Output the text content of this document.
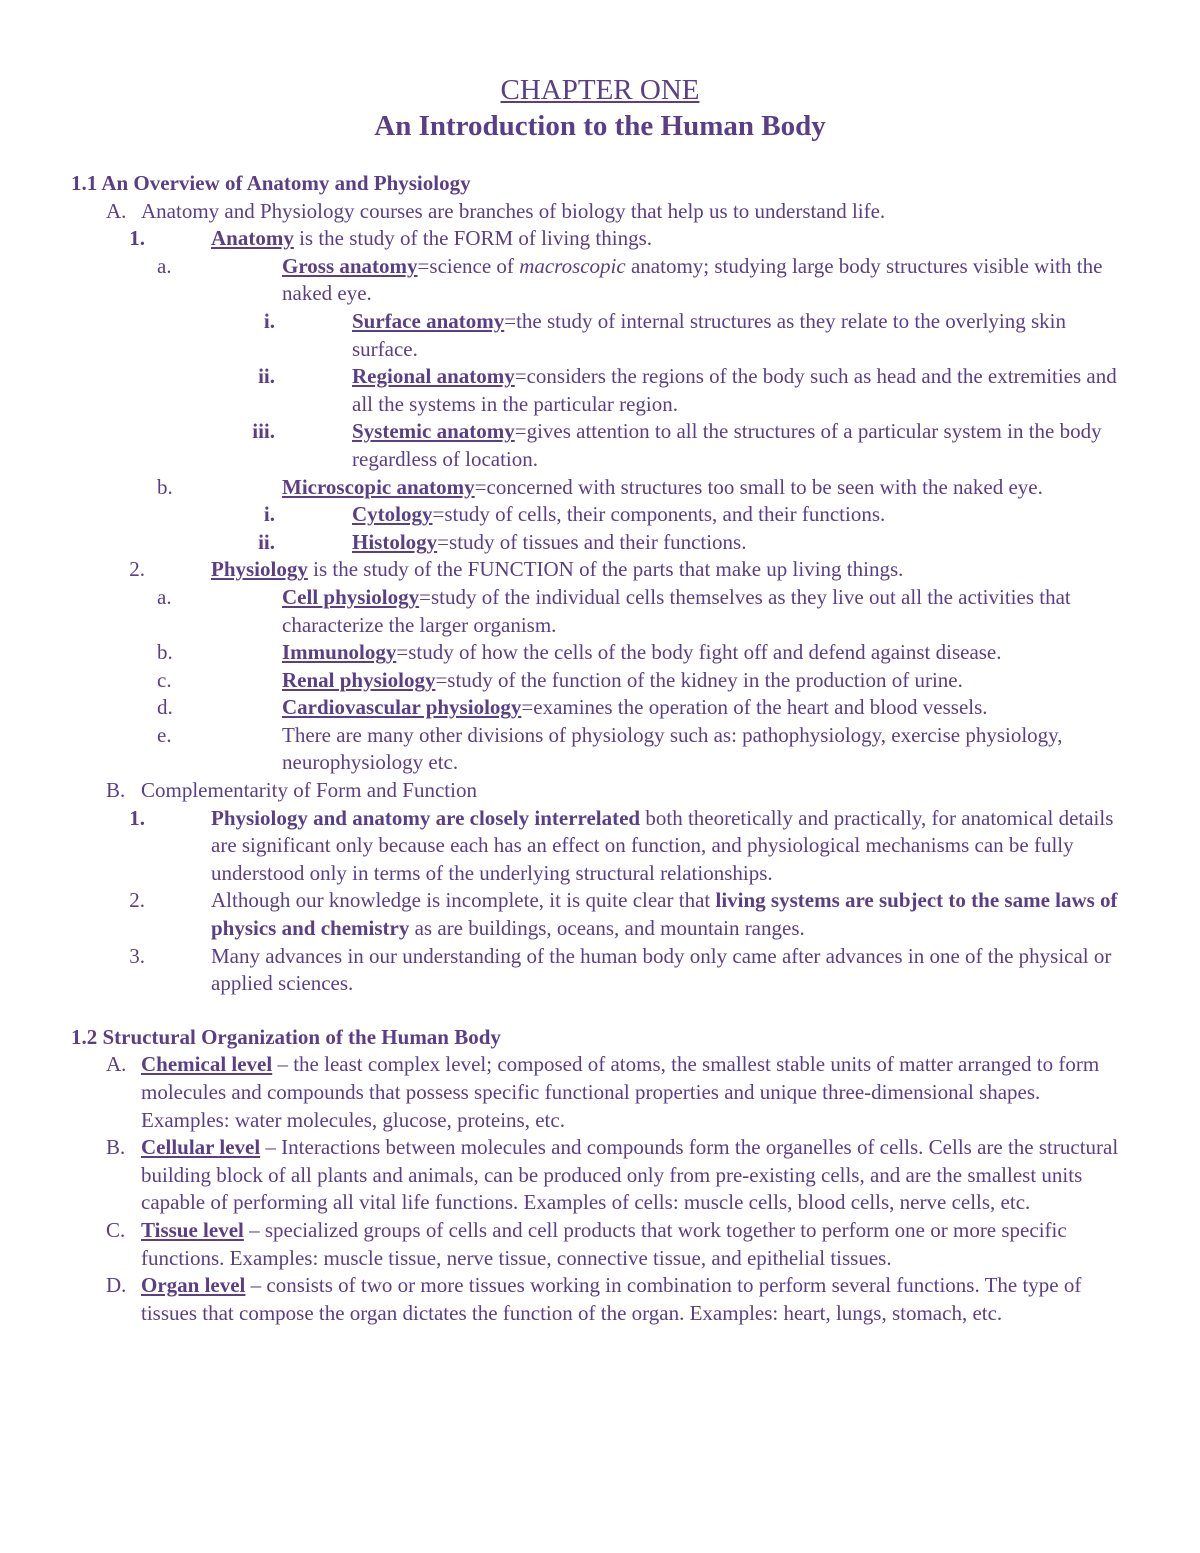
CHAPTER ONE
An Introduction to the Human Body

1.1 An Overview of Anatomy and Physiology

A. Anatomy and Physiology courses are branches of biology that help us to understand life.

1.	Anatomy is the study of the FORM of living things.

a.	Gross anatomy=science of macroscopic anatomy; studying large body structures visible with the naked eye.

i.	Surface anatomy=the study of internal structures as they relate to the overlying skin surface.

ii.	Regional anatomy=considers the regions of the body such as head and the extremities and all the systems in the particular region.

iii.	Systemic anatomy=gives attention to all the structures of a particular system in the body regardless of location.

b.	Microscopic anatomy=concerned with structures too small to be seen with the naked eye.

i.	Cytology=study of cells, their components, and their functions.

ii.	Histology=study of tissues and their functions.

2.	Physiology is the study of the FUNCTION of the parts that make up living things.

a.	Cell physiology=study of the individual cells themselves as they live out all the activities that characterize the larger organism.

b.	Immunology=study of how the cells of the body fight off and defend against disease.

c.	Renal physiology=study of the function of the kidney in the production of urine.

d.	Cardiovascular physiology=examines the operation of the heart and blood vessels.

e.	There are many other divisions of physiology such as: pathophysiology, exercise physiology, neurophysiology etc.

B. Complementarity of Form and Function

1.	Physiology and anatomy are closely interrelated both theoretically and practically, for anatomical details are significant only because each has an effect on function, and physiological mechanisms can be fully understood only in terms of the underlying structural relationships.

2.	Although our knowledge is incomplete, it is quite clear that living systems are subject to the same laws of physics and chemistry as are buildings, oceans, and mountain ranges.

3.	Many advances in our understanding of the human body only came after advances in one of the physical or applied sciences.

1.2 Structural Organization of the Human Body

A. Chemical level – the least complex level; composed of atoms, the smallest stable units of matter arranged to form molecules and compounds that possess specific functional properties and unique three-dimensional shapes. Examples: water molecules, glucose, proteins, etc.

B. Cellular level – Interactions between molecules and compounds form the organelles of cells. Cells are the structural building block of all plants and animals, can be produced only from pre-existing cells, and are the smallest units capable of performing all vital life functions. Examples of cells: muscle cells, blood cells, nerve cells, etc.

C. Tissue level – specialized groups of cells and cell products that work together to perform one or more specific functions. Examples: muscle tissue, nerve tissue, connective tissue, and epithelial tissues.

D. Organ level – consists of two or more tissues working in combination to perform several functions. The type of tissues that compose the organ dictates the function of the organ. Examples: heart, lungs, stomach, etc.
